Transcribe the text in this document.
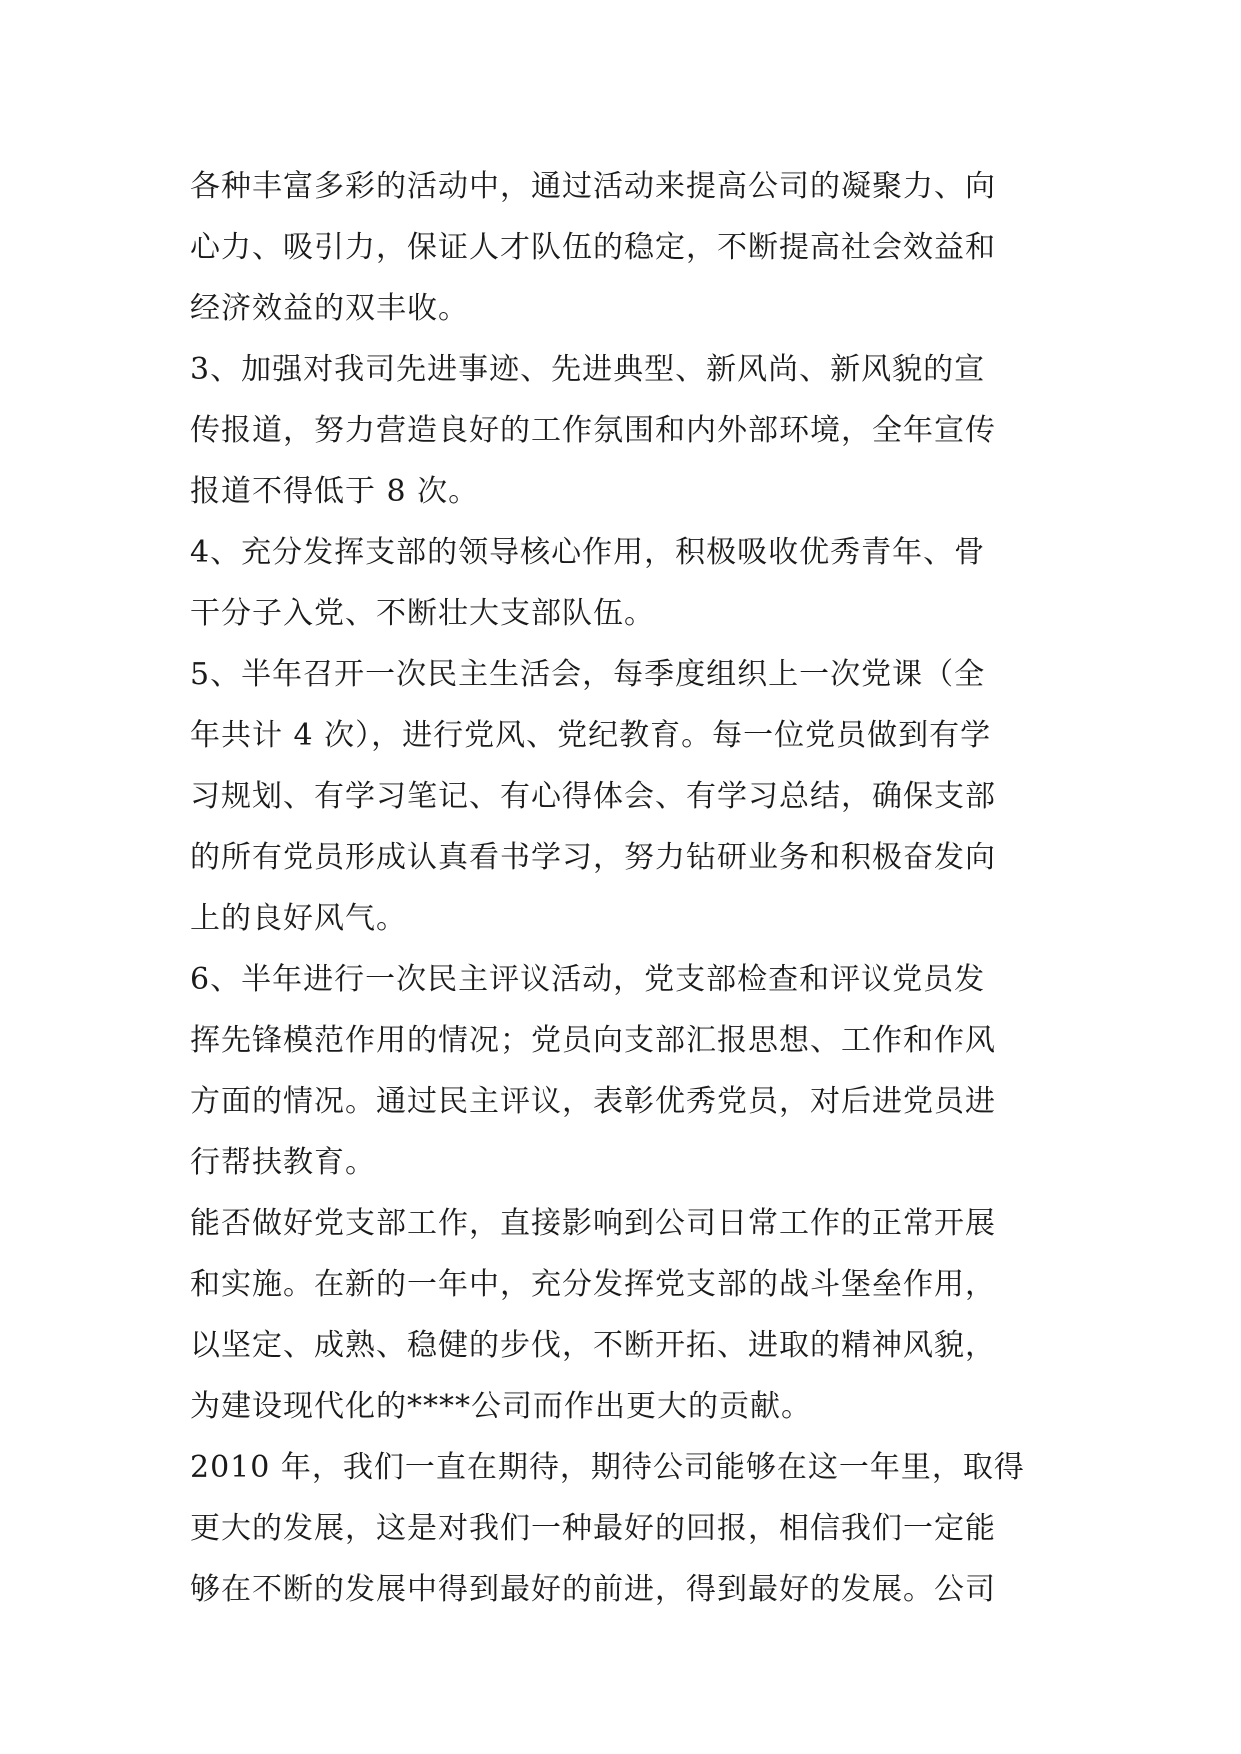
各种丰富多彩的活动中，通过活动来提高公司的凝聚力、向
心力、吸引力，保证人才队伍的稳定，不断提高社会效益和
经济效益的双丰收。
3、加强对我司先进事迹、先进典型、新风尚、新风貌的宣
传报道，努力营造良好的工作氛围和内外部环境，全年宣传
报道不得低于 8 次。
4、充分发挥支部的领导核心作用，积极吸收优秀青年、骨
干分子入党、不断壮大支部队伍。
5、半年召开一次民主生活会，每季度组织上一次党课（全
年共计 4 次），进行党风、党纪教育。每一位党员做到有学
习规划、有学习笔记、有心得体会、有学习总结，确保支部
的所有党员形成认真看书学习，努力钻研业务和积极奋发向
上的良好风气。
6、半年进行一次民主评议活动，党支部检查和评议党员发
挥先锋模范作用的情况；党员向支部汇报思想、工作和作风
方面的情况。通过民主评议，表彰优秀党员，对后进党员进
行帮扶教育。
能否做好党支部工作，直接影响到公司日常工作的正常开展
和实施。在新的一年中，充分发挥党支部的战斗堡垒作用，
以坚定、成熟、稳健的步伐，不断开拓、进取的精神风貌，
为建设现代化的****公司而作出更大的贡献。
2010 年，我们一直在期待，期待公司能够在这一年里，取得
更大的发展，这是对我们一种最好的回报，相信我们一定能
够在不断的发展中得到最好的前进，得到最好的发展。公司
